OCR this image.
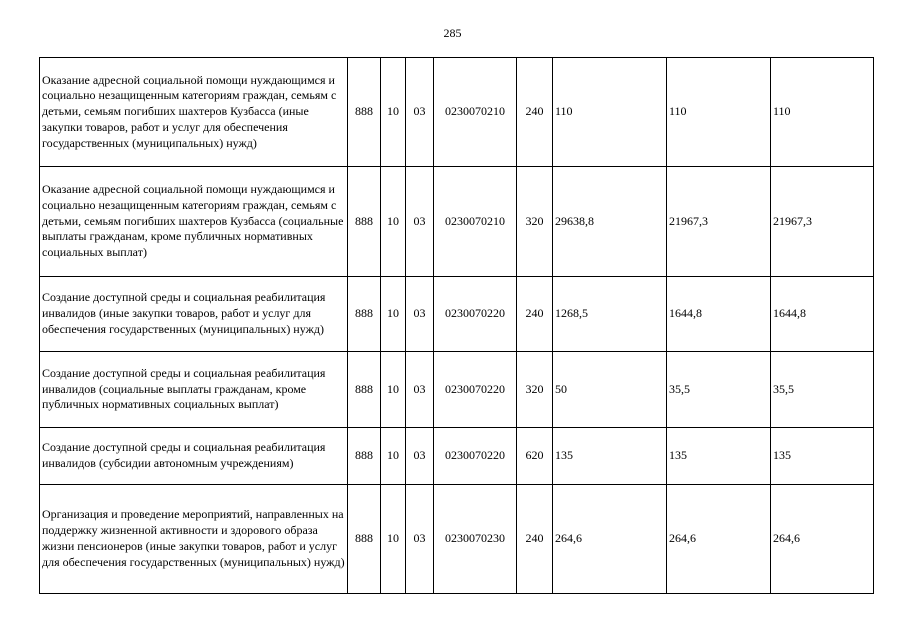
285
Оказание адресной социальной помощи нуждающимся и социально незащищенным категориям граждан, семьям с детьми, семьям погибших шахтеров Кузбасса (иные закупки товаров, работ и услуг для обеспечения государственных (муниципальных) нужд)	888	10	03	0230070210	240	110	110	110
Оказание адресной социальной помощи нуждающимся и социально незащищенным категориям граждан, семьям с детьми, семьям погибших шахтеров Кузбасса (социальные выплаты гражданам, кроме публичных нормативных социальных выплат)	888	10	03	0230070210	320	29638,8	21967,3	21967,3
Создание доступной среды и социальная реабилитация инвалидов (иные закупки товаров, работ и услуг для обеспечения государственных (муниципальных) нужд)	888	10	03	0230070220	240	1268,5	1644,8	1644,8
Создание доступной среды и социальная реабилитация инвалидов (социальные выплаты гражданам, кроме публичных нормативных социальных выплат)	888	10	03	0230070220	320	50	35,5	35,5
Создание доступной среды и социальная реабилитация инвалидов (субсидии автономным учреждениям)	888	10	03	0230070220	620	135	135	135
Организация и проведение мероприятий, направленных на поддержку жизненной активности и здорового образа жизни пенсионеров (иные закупки товаров, работ и услуг для обеспечения государственных (муниципальных) нужд)	888	10	03	0230070230	240	264,6	264,6	264,6
